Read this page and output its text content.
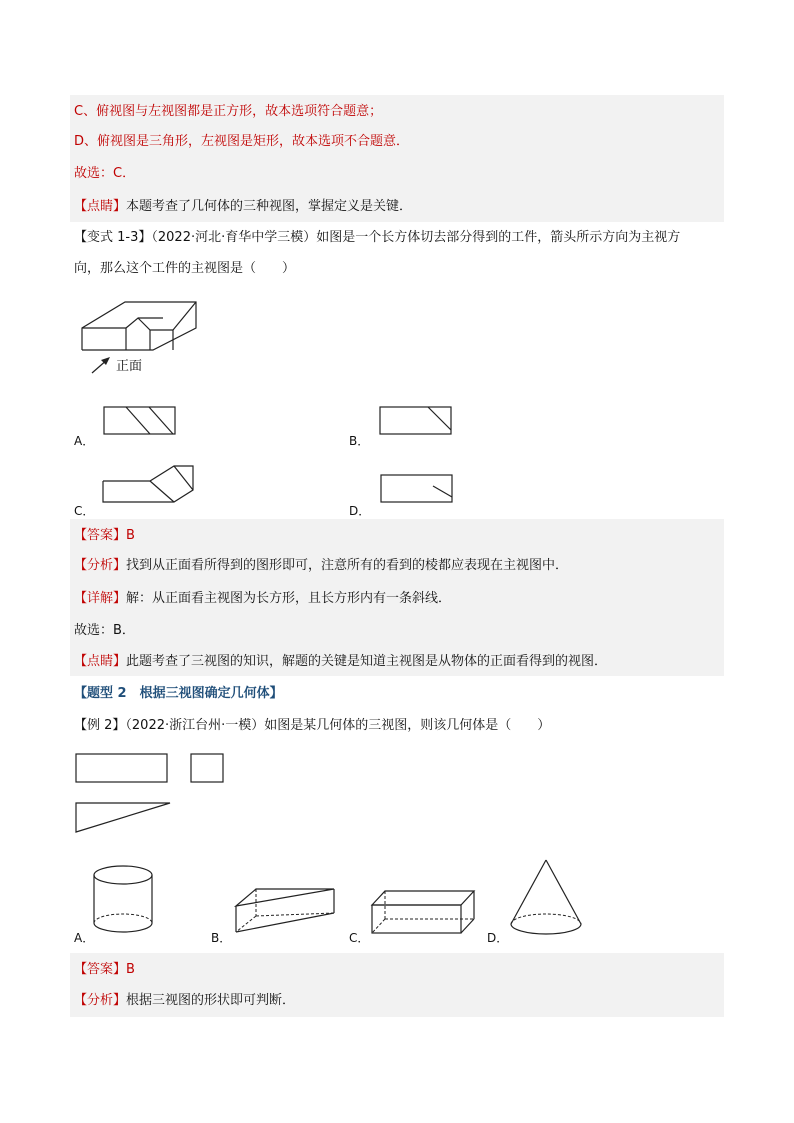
C、俯视图与左视图都是正方形，故本选项符合题意；
D、俯视图是三角形，左视图是矩形，故本选项不合题意．
故选：C．
【点睛】本题考查了几何体的三种视图，掌握定义是关键．
【变式 1-3】（2022·河北·育华中学三模）如图是一个长方体切去部分得到的工件，箭头所示方向为主视方
向，那么这个工件的主视图是（　　）
正面
A．	B．
C．	D．
【答案】B
【分析】找到从正面看所得到的图形即可，注意所有的看到的棱都应表现在主视图中．
【详解】解：从正面看主视图为长方形，且长方形内有一条斜线．
故选：B．
【点睛】此题考查了三视图的知识，解题的关键是知道主视图是从物体的正面看得到的视图．
【题型 2　根据三视图确定几何体】
【例 2】（2022·浙江台州·一模）如图是某几何体的三视图，则该几何体是（　　）
A．	B．	C．	D．
【答案】B
【分析】根据三视图的形状即可判断．
